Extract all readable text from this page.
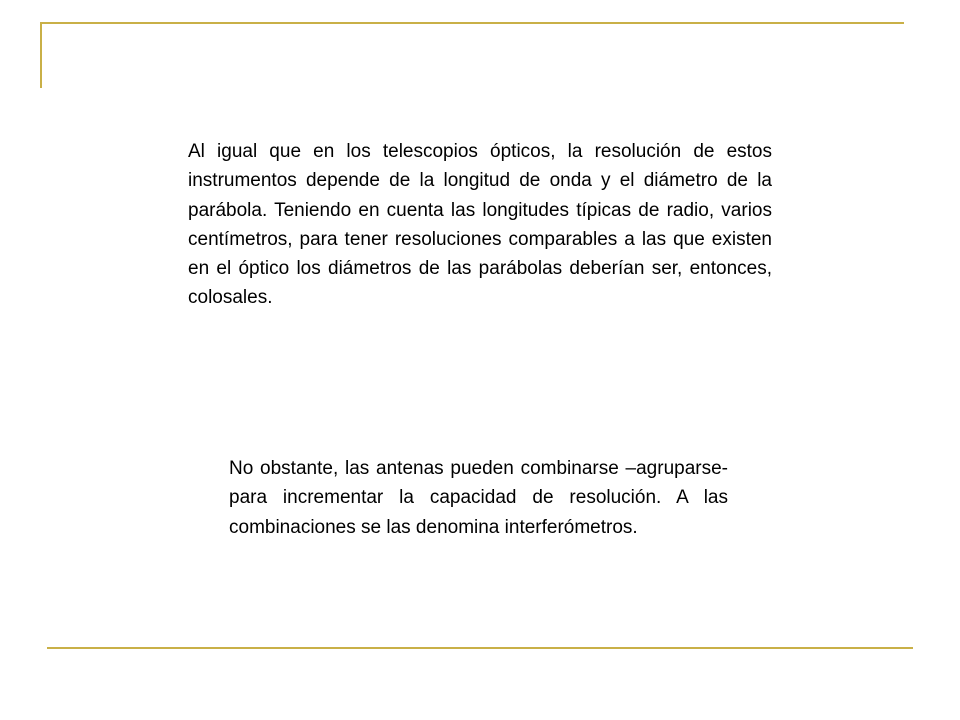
Al igual que en los telescopios ópticos, la resolución de estos instrumentos depende de la longitud de onda y el diámetro de la parábola. Teniendo en cuenta las longitudes típicas de radio, varios centímetros, para tener resoluciones comparables a las que existen en el óptico los diámetros de las parábolas deberían ser, entonces, colosales.

No obstante, las antenas pueden combinarse –agruparse- para incrementar la capacidad de resolución. A las combinaciones se las denomina interferómetros.
